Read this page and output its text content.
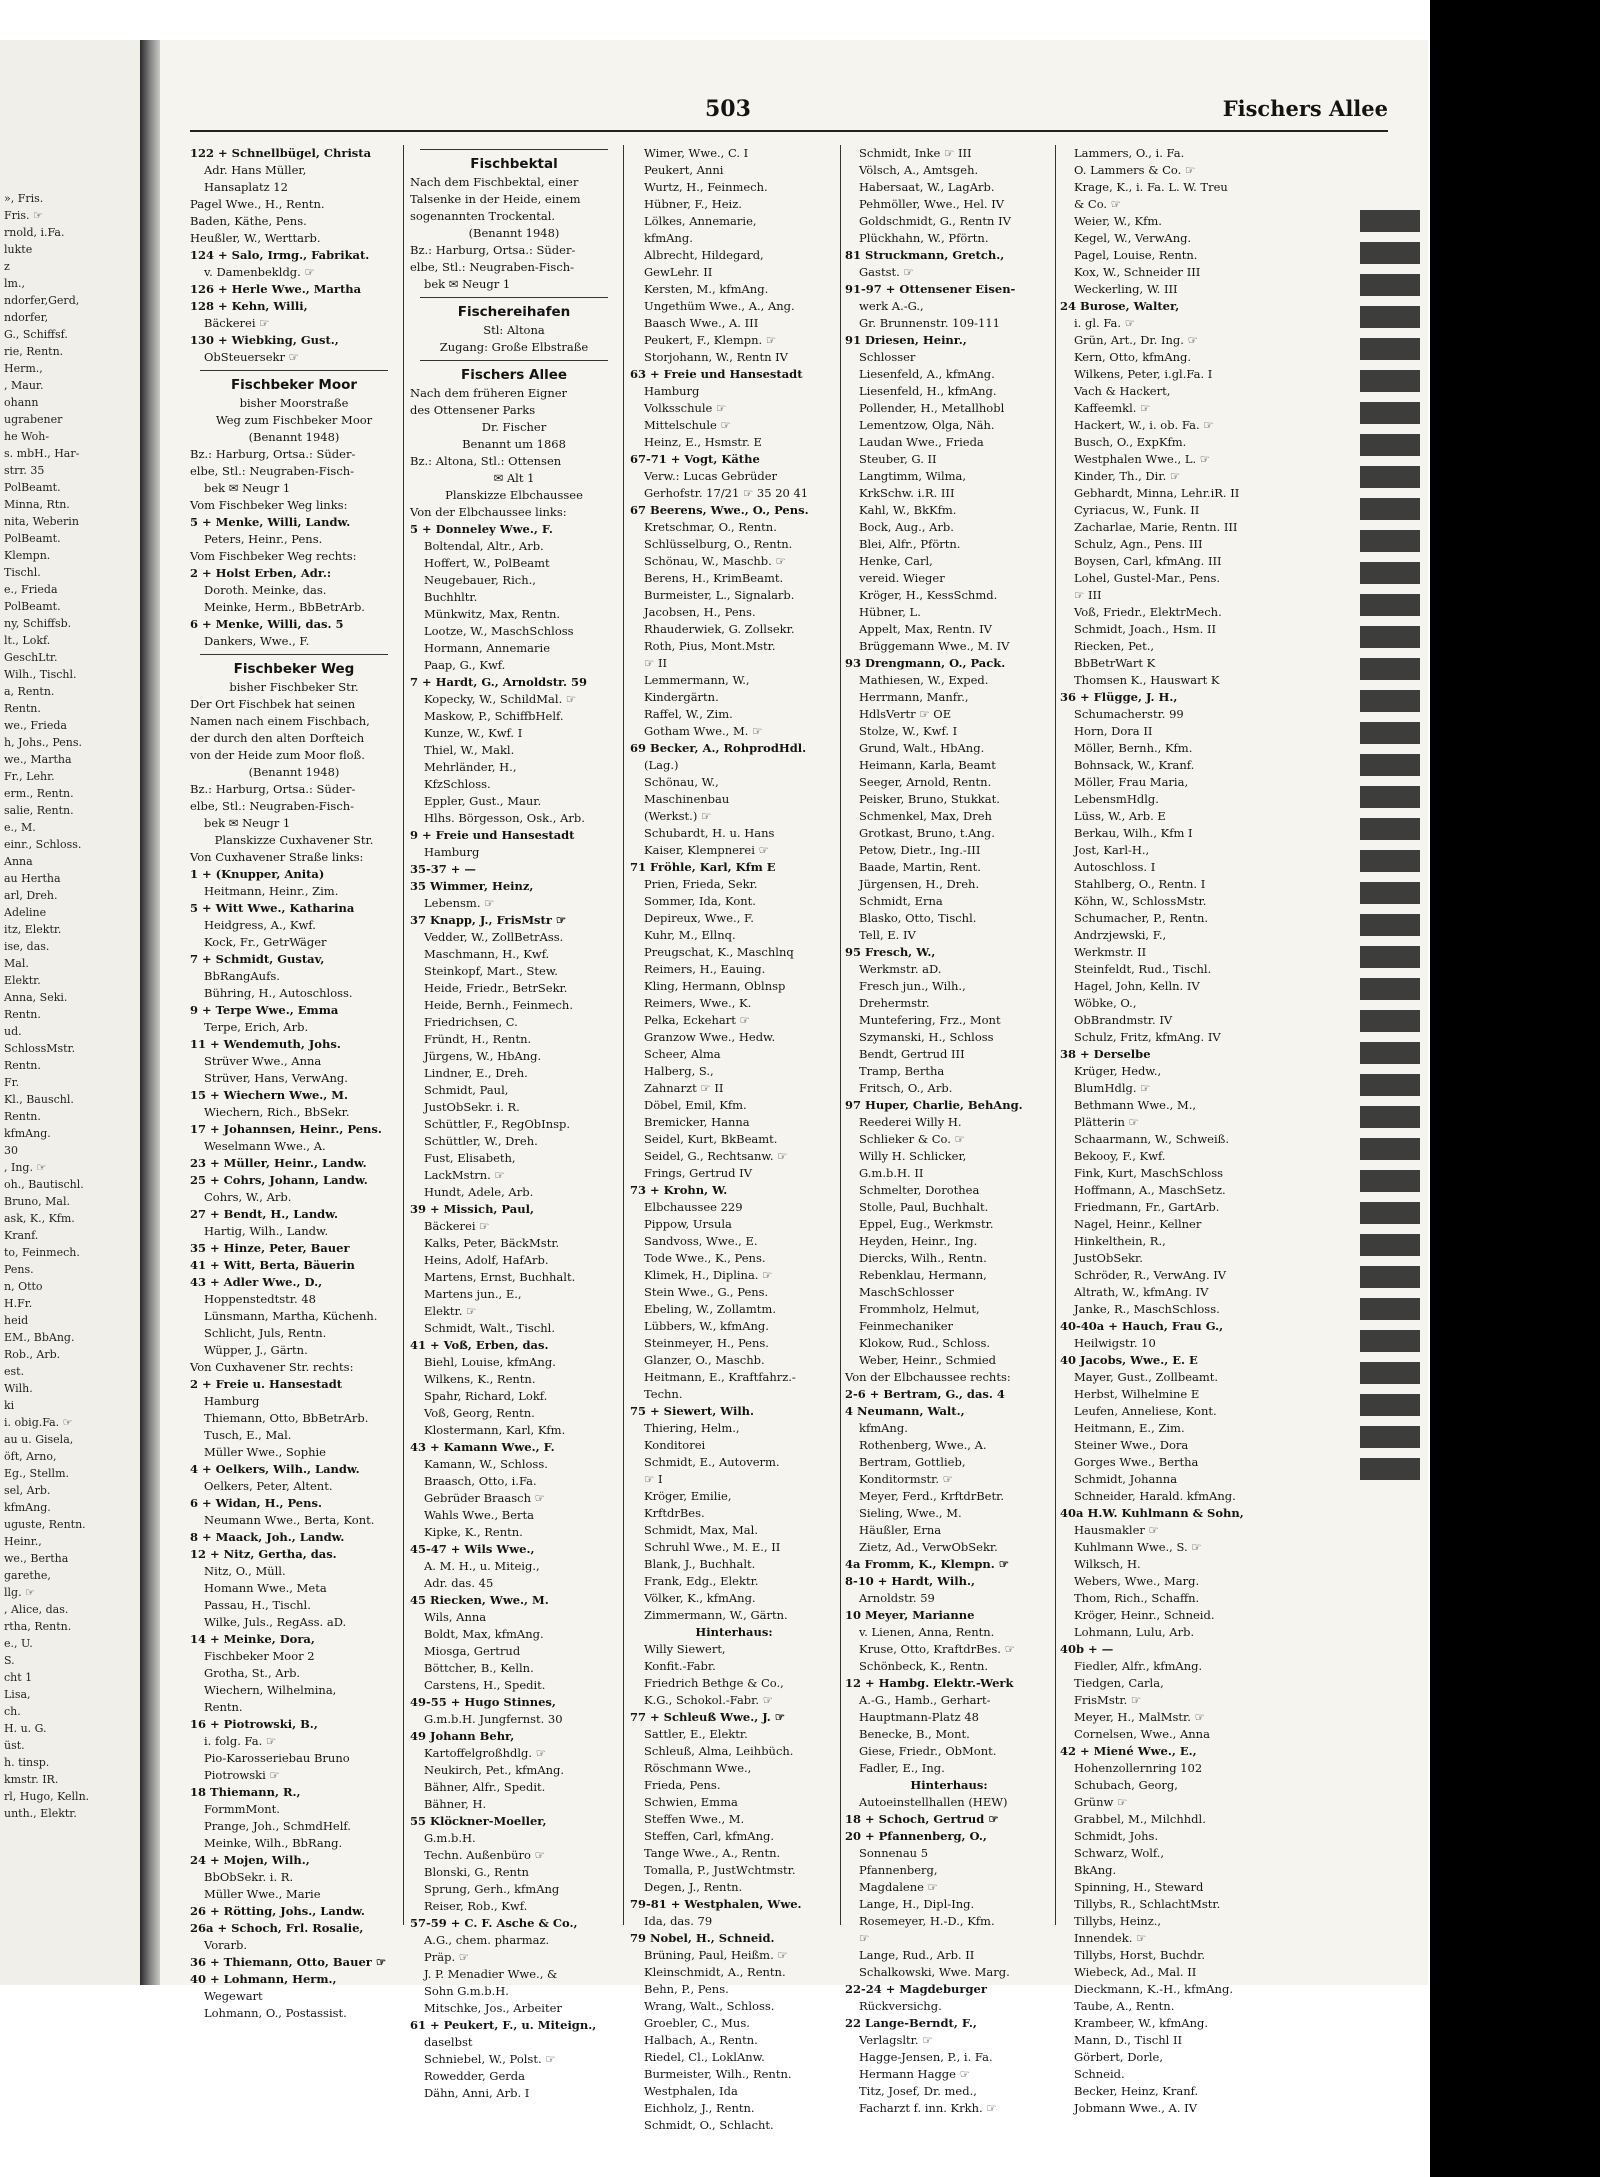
», Fris.
Fris. ☞
rnold, i.Fa.
lukte
z
lm.,
ndorfer,Gerd,
ndorfer,
G., Schiffsf.
rie, Rentn.
Herm.,
, Maur.
ohann
ugrabener
he Woh-
s. mbH., Har-
strr. 35
PolBeamt.
Minna, Rtn.
nita, Weberin
PolBeamt.
Klempn.
Tischl.
e., Frieda
PolBeamt.
ny, Schiffsb.
lt., Lokf.
GeschLtr.
Wilh., Tischl.
a, Rentn.
Rentn.
we., Frieda
h, Johs., Pens.
we., Martha
Fr., Lehr.
erm., Rentn.
salie, Rentn.
e., M.
einr., Schloss.
Anna
au Hertha
arl, Dreh.
Adeline
itz, Elektr.
ise, das.
Mal.
Elektr.
Anna, Seki.
Rentn.
ud.
SchlossMstr.
Rentn.
Fr.
Kl., Bauschl.
Rentn.
kfmAng.
30
, Ing. ☞
oh., Bautischl.
Bruno, Mal.
ask, K., Kfm.
Kranf.
to, Feinmech.
Pens.
n, Otto
H.Fr.
heid
EM., BbAng.
Rob., Arb.
est.
Wilh.
ki
i. obig.Fa. ☞
au u. Gisela,
öft, Arno,
Eg., Stellm.
sel, Arb.
kfmAng.
uguste, Rentn.
Heinr.,
we., Bertha
garethe,
llg. ☞
, Alice, das.
rtha, Rentn.
e., U.
S.
cht 1
Lisa,
ch.
H. u. G.
üst.
h. tinsp.
kmstr. IR.
rl, Hugo, Kelln.
unth., Elektr.
503	Fischers Allee
122 + Schnellbügel, Christa
Adr. Hans Müller,
Hansaplatz 12
Pagel Wwe., H., Rentn.
Baden, Käthe, Pens.
Heußler, W., Werttarb.
124 + Salo, Irmg., Fabrikat.
v. Damenbekldg. ☞
126 + Herle Wwe., Martha
128 + Kehn, Willi,
Bäckerei ☞
130 + Wiebking, Gust.,
ObSteuersekr ☞
Fischbeker Moor
bisher Moorstraße
Weg zum Fischbeker Moor
(Benannt 1948)
Bz.: Harburg, Ortsa.: Süder-
elbe, Stl.: Neugraben-Fisch-
bek ✉ Neugr 1
Vom Fischbeker Weg links:
5 + Menke, Willi, Landw.
Peters, Heinr., Pens.
Vom Fischbeker Weg rechts:
2 + Holst Erben, Adr.:
Doroth. Meinke, das.
Meinke, Herm., BbBetrArb.
6 + Menke, Willi, das. 5
Dankers, Wwe., F.
Fischbeker Weg
bisher Fischbeker Str.
Der Ort Fischbek hat seinen
Namen nach einem Fischbach,
der durch den alten Dorfteich
von der Heide zum Moor floß.
(Benannt 1948)
Bz.: Harburg, Ortsa.: Süder-
elbe, Stl.: Neugraben-Fisch-
bek ✉ Neugr 1
Planskizze Cuxhavener Str.
Von Cuxhavener Straße links:
1 + (Knupper, Anita)
Heitmann, Heinr., Zim.
5 + Witt Wwe., Katharina
Heidgress, A., Kwf.
Kock, Fr., GetrWäger
7 + Schmidt, Gustav,
BbRangAufs.
Bühring, H., Autoschloss.
9 + Terpe Wwe., Emma
Terpe, Erich, Arb.
11 + Wendemuth, Johs.
Strüver Wwe., Anna
Strüver, Hans, VerwAng.
15 + Wiechern Wwe., M.
Wiechern, Rich., BbSekr.
17 + Johannsen, Heinr., Pens.
Weselmann Wwe., A.
23 + Müller, Heinr., Landw.
25 + Cohrs, Johann, Landw.
Cohrs, W., Arb.
27 + Bendt, H., Landw.
Hartig, Wilh., Landw.
35 + Hinze, Peter, Bauer
41 + Witt, Berta, Bäuerin
43 + Adler Wwe., D.,
Hoppenstedtstr. 48
Lünsmann, Martha, Küchenh.
Schlicht, Juls, Rentn.
Wüpper, J., Gärtn.
Von Cuxhavener Str. rechts:
2 + Freie u. Hansestadt
Hamburg
Thiemann, Otto, BbBetrArb.
Tusch, E., Mal.
Müller Wwe., Sophie
4 + Oelkers, Wilh., Landw.
Oelkers, Peter, Altent.
6 + Widan, H., Pens.
Neumann Wwe., Berta, Kont.
8 + Maack, Joh., Landw.
12 + Nitz, Gertha, das.
Nitz, O., Müll.
Homann Wwe., Meta
Passau, H., Tischl.
Wilke, Juls., RegAss. aD.
14 + Meinke, Dora,
Fischbeker Moor 2
Grotha, St., Arb.
Wiechern, Wilhelmina,
Rentn.
16 + Piotrowski, B.,
i. folg. Fa. ☞
Pio-Karosseriebau Bruno
Piotrowski ☞
18 Thiemann, R.,
FormmMont.
Prange, Joh., SchmdHelf.
Meinke, Wilh., BbRang.
24 + Mojen, Wilh.,
BbObSekr. i. R.
Müller Wwe., Marie
26 + Rötting, Johs., Landw.
26a + Schoch, Frl. Rosalie,
Vorarb.
36 + Thiemann, Otto, Bauer ☞
40 + Lohmann, Herm.,
Wegewart
Lohmann, O., Postassist.
Fischbektal
Nach dem Fischbektal, einer
Talsenke in der Heide, einem
sogenannten Trockental.
(Benannt 1948)
Bz.: Harburg, Ortsa.: Süder-
elbe, Stl.: Neugraben-Fisch-
bek ✉ Neugr 1
Fischereihafen
Stl: Altona
Zugang: Große Elbstraße
Fischers Allee
Nach dem früheren Eigner
des Ottensener Parks
Dr. Fischer
Benannt um 1868
Bz.: Altona, Stl.: Ottensen
✉ Alt 1
Planskizze Elbchaussee
Von der Elbchaussee links:
5 + Donneley Wwe., F.
Boltendal, Altr., Arb.
Hoffert, W., PolBeamt
Neugebauer, Rich.,
Buchhltr.
Münkwitz, Max, Rentn.
Lootze, W., MaschSchloss
Hormann, Annemarie
Paap, G., Kwf.
7 + Hardt, G., Arnoldstr. 59
Kopecky, W., SchildMal. ☞
Maskow, P., SchiffbHelf.
Kunze, W., Kwf. I
Thiel, W., Makl.
Mehrländer, H.,
KfzSchloss.
Eppler, Gust., Maur.
Hlhs. Börgesson, Osk., Arb.
9 + Freie und Hansestadt
Hamburg
35-37 + —
35 Wimmer, Heinz,
Lebensm. ☞
37 Knapp, J., FrisMstr ☞
Vedder, W., ZollBetrAss.
Maschmann, H., Kwf.
Steinkopf, Mart., Stew.
Heide, Friedr., BetrSekr.
Heide, Bernh., Feinmech.
Friedrichsen, C.
Fründt, H., Rentn.
Jürgens, W., HbAng.
Lindner, E., Dreh.
Schmidt, Paul,
JustObSekr. i. R.
Schüttler, F., RegObInsp.
Schüttler, W., Dreh.
Fust, Elisabeth,
LackMstrn. ☞
Hundt, Adele, Arb.
39 + Missich, Paul,
Bäckerei ☞
Kalks, Peter, BäckMstr.
Heins, Adolf, HafArb.
Martens, Ernst, Buchhalt.
Martens jun., E.,
Elektr. ☞
Schmidt, Walt., Tischl.
41 + Voß, Erben, das.
Biehl, Louise, kfmAng.
Wilkens, K., Rentn.
Spahr, Richard, Lokf.
Voß, Georg, Rentn.
Klostermann, Karl, Kfm.
43 + Kamann Wwe., F.
Kamann, W., Schloss.
Braasch, Otto, i.Fa.
Gebrüder Braasch ☞
Wahls Wwe., Berta
Kipke, K., Rentn.
45-47 + Wils Wwe.,
A. M. H., u. Miteig.,
Adr. das. 45
45 Riecken, Wwe., M.
Wils, Anna
Boldt, Max, kfmAng.
Miosga, Gertrud
Böttcher, B., Kelln.
Carstens, H., Spedit.
49-55 + Hugo Stinnes,
G.m.b.H. Jungfernst. 30
49 Johann Behr,
Kartoffelgroßhdlg. ☞
Neukirch, Pet., kfmAng.
Bähner, Alfr., Spedit.
Bähner, H.
55 Klöckner-Moeller,
G.m.b.H.
Techn. Außenbüro ☞
Blonski, G., Rentn
Sprung, Gerh., kfmAng
Reiser, Rob., Kwf.
57-59 + C. F. Asche & Co.,
A.G., chem. pharmaz.
Präp. ☞
J. P. Menadier Wwe., &
Sohn G.m.b.H.
Mitschke, Jos., Arbeiter
61 + Peukert, F., u. Miteign.,
daselbst
Schniebel, W., Polst. ☞
Rowedder, Gerda
Dähn, Anni, Arb. I
Wimer, Wwe., C. I
Peukert, Anni
Wurtz, H., Feinmech.
Hübner, F., Heiz.
Lölkes, Annemarie,
kfmAng.
Albrecht, Hildegard,
GewLehr. II
Kersten, M., kfmAng.
Ungethüm Wwe., A., Ang.
Baasch Wwe., A. III
Peukert, F., Klempn. ☞
Storjohann, W., Rentn IV
63 + Freie und Hansestadt
Hamburg
Volksschule ☞
Mittelschule ☞
Heinz, E., Hsmstr. E
67-71 + Vogt, Käthe
Verw.: Lucas Gebrüder
Gerhofstr. 17/21 ☞ 35 20 41
67 Beerens, Wwe., O., Pens.
Kretschmar, O., Rentn.
Schlüsselburg, O., Rentn.
Schönau, W., Maschb. ☞
Berens, H., KrimBeamt.
Burmeister, L., Signalarb.
Jacobsen, H., Pens.
Rhauderwiek, G. Zollsekr.
Roth, Pius, Mont.Mstr.
☞ II
Lemmermann, W.,
Kindergärtn.
Raffel, W., Zim.
Gotham Wwe., M. ☞
69 Becker, A., RohprodHdl.
(Lag.)
Schönau, W.,
Maschinenbau
(Werkst.) ☞
Schubardt, H. u. Hans
Kaiser, Klempnerei ☞
71 Fröhle, Karl, Kfm E
Prien, Frieda, Sekr.
Sommer, Ida, Kont.
Depireux, Wwe., F.
Kuhr, M., Ellnq.
Preugschat, K., Maschlnq
Reimers, H., Eauing.
Kling, Hermann, Oblnsp
Reimers, Wwe., K.
Pelka, Eckehart ☞
Granzow Wwe., Hedw.
Scheer, Alma
Halberg, S.,
Zahnarzt ☞ II
Döbel, Emil, Kfm.
Bremicker, Hanna
Seidel, Kurt, BkBeamt.
Seidel, G., Rechtsanw. ☞
Frings, Gertrud IV
73 + Krohn, W.
Elbchaussee 229
Pippow, Ursula
Sandvoss, Wwe., E.
Tode Wwe., K., Pens.
Klimek, H., Diplina. ☞
Stein Wwe., G., Pens.
Ebeling, W., Zollamtm.
Lübbers, W., kfmAng.
Steinmeyer, H., Pens.
Glanzer, O., Maschb.
Heitmann, E., Kraftfahrz.-
Techn.
75 + Siewert, Wilh.
Thiering, Helm.,
Konditorei
Schmidt, E., Autoverm.
☞ I
Kröger, Emilie,
KrftdrBes.
Schmidt, Max, Mal.
Schruhl Wwe., M. E., II
Blank, J., Buchhalt.
Frank, Edg., Elektr.
Völker, K., kfmAng.
Zimmermann, W., Gärtn.
Hinterhaus:
Willy Siewert,
Konfit.-Fabr.
Friedrich Bethge & Co.,
K.G., Schokol.-Fabr. ☞
77 + Schleuß Wwe., J. ☞
Sattler, E., Elektr.
Schleuß, Alma, Leihbüch.
Röschmann Wwe.,
Frieda, Pens.
Schwien, Emma
Steffen Wwe., M.
Steffen, Carl, kfmAng.
Tange Wwe., A., Rentn.
Tomalla, P., JustWchtmstr.
Degen, J., Rentn.
79-81 + Westphalen, Wwe.
Ida, das. 79
79 Nobel, H., Schneid.
Brüning, Paul, Heißm. ☞
Kleinschmidt, A., Rentn.
Behn, P., Pens.
Wrang, Walt., Schloss.
Groebler, C., Mus.
Halbach, A., Rentn.
Riedel, Cl., LoklAnw.
Burmeister, Wilh., Rentn.
Westphalen, Ida
Eichholz, J., Rentn.
Schmidt, O., Schlacht.
Schmidt, Inke ☞ III
Völsch, A., Amtsgeh.
Habersaat, W., LagArb.
Pehmöller, Wwe., Hel. IV
Goldschmidt, G., Rentn IV
Plückhahn, W., Pförtn.
81 Struckmann, Gretch.,
Gastst. ☞
91-97 + Ottensener Eisen-
werk A.-G.,
Gr. Brunnenstr. 109-111
91 Driesen, Heinr.,
Schlosser
Liesenfeld, A., kfmAng.
Liesenfeld, H., kfmAng.
Pollender, H., Metallhobl
Lementzow, Olga, Näh.
Laudan Wwe., Frieda
Steuber, G. II
Langtimm, Wilma,
KrkSchw. i.R. III
Kahl, W., BkKfm.
Bock, Aug., Arb.
Blei, Alfr., Pförtn.
Henke, Carl,
vereid. Wieger
Kröger, H., KessSchmd.
Hübner, L.
Appelt, Max, Rentn. IV
Brüggemann Wwe., M. IV
93 Drengmann, O., Pack.
Mathiesen, W., Exped.
Herrmann, Manfr.,
HdlsVertr ☞ OE
Stolze, W., Kwf. I
Grund, Walt., HbAng.
Heimann, Karla, Beamt
Seeger, Arnold, Rentn.
Peisker, Bruno, Stukkat.
Schmenkel, Max, Dreh
Grotkast, Bruno, t.Ang.
Petow, Dietr., Ing.-III
Baade, Martin, Rent.
Jürgensen, H., Dreh.
Schmidt, Erna
Blasko, Otto, Tischl.
Tell, E. IV
95 Fresch, W.,
Werkmstr. aD.
Fresch jun., Wilh.,
Drehermstr.
Muntefering, Frz., Mont
Szymanski, H., Schloss
Bendt, Gertrud III
Tramp, Bertha
Fritsch, O., Arb.
97 Huper, Charlie, BehAng.
Reederei Willy H.
Schlieker & Co. ☞
Willy H. Schlicker,
G.m.b.H. II
Schmelter, Dorothea
Stolle, Paul, Buchhalt.
Eppel, Eug., Werkmstr.
Heyden, Heinr., Ing.
Diercks, Wilh., Rentn.
Rebenklau, Hermann,
MaschSchlosser
Frommholz, Helmut,
Feinmechaniker
Klokow, Rud., Schloss.
Weber, Heinr., Schmied
Von der Elbchaussee rechts:
2-6 + Bertram, G., das. 4
4 Neumann, Walt.,
kfmAng.
Rothenberg, Wwe., A.
Bertram, Gottlieb,
Konditormstr. ☞
Meyer, Ferd., KrftdrBetr.
Sieling, Wwe., M.
Häußler, Erna
Zietz, Ad., VerwObSekr.
4a Fromm, K., Klempn. ☞
8-10 + Hardt, Wilh.,
Arnoldstr. 59
10 Meyer, Marianne
v. Lienen, Anna, Rentn.
Kruse, Otto, KraftdrBes. ☞
Schönbeck, K., Rentn.
12 + Hambg. Elektr.-Werk
A.-G., Hamb., Gerhart-
Hauptmann-Platz 48
Benecke, B., Mont.
Giese, Friedr., ObMont.
Fadler, E., Ing.
Hinterhaus:
Autoeinstellhallen (HEW)
18 + Schoch, Gertrud ☞
20 + Pfannenberg, O.,
Sonnenau 5
Pfannenberg,
Magdalene ☞
Lange, H., Dipl-Ing.
Rosemeyer, H.-D., Kfm.
☞
Lange, Rud., Arb. II
Schalkowski, Wwe. Marg.
22-24 + Magdeburger
Rückversichg.
22 Lange-Berndt, F.,
Verlagsltr. ☞
Hagge-Jensen, P., i. Fa.
Hermann Hagge ☞
Titz, Josef, Dr. med.,
Facharzt f. inn. Krkh. ☞
Lammers, O., i. Fa.
O. Lammers & Co. ☞
Krage, K., i. Fa. L. W. Treu
& Co. ☞
Weier, W., Kfm.
Kegel, W., VerwAng.
Pagel, Louise, Rentn.
Kox, W., Schneider III
Weckerling, W. III
24 Burose, Walter,
i. gl. Fa. ☞
Grün, Art., Dr. Ing. ☞
Kern, Otto, kfmAng.
Wilkens, Peter, i.gl.Fa. I
Vach & Hackert,
Kaffeemkl. ☞
Hackert, W., i. ob. Fa. ☞
Busch, O., ExpKfm.
Westphalen Wwe., L. ☞
Kinder, Th., Dir. ☞
Gebhardt, Minna, Lehr.iR. II
Cyriacus, W., Funk. II
Zacharlae, Marie, Rentn. III
Schulz, Agn., Pens. III
Boysen, Carl, kfmAng. III
Lohel, Gustel-Mar., Pens.
☞ III
Voß, Friedr., ElektrMech.
Schmidt, Joach., Hsm. II
Riecken, Pet.,
BbBetrWart K
Thomsen K., Hauswart K
36 + Flügge, J. H.,
Schumacherstr. 99
Horn, Dora II
Möller, Bernh., Kfm.
Bohnsack, W., Kranf.
Möller, Frau Maria,
LebensmHdlg.
Lüss, W., Arb. E
Berkau, Wilh., Kfm I
Jost, Karl-H.,
Autoschloss. I
Stahlberg, O., Rentn. I
Köhn, W., SchlossMstr.
Schumacher, P., Rentn.
Andrzjewski, F.,
Werkmstr. II
Steinfeldt, Rud., Tischl.
Hagel, John, Kelln. IV
Wöbke, O.,
ObBrandmstr. IV
Schulz, Fritz, kfmAng. IV
38 + Derselbe
Krüger, Hedw.,
BlumHdlg. ☞
Bethmann Wwe., M.,
Plätterin ☞
Schaarmann, W., Schweiß.
Bekooy, F., Kwf.
Fink, Kurt, MaschSchloss
Hoffmann, A., MaschSetz.
Friedmann, Fr., GartArb.
Nagel, Heinr., Kellner
Hinkelthein, R.,
JustObSekr.
Schröder, R., VerwAng. IV
Altrath, W., kfmAng. IV
Janke, R., MaschSchloss.
40-40a + Hauch, Frau G.,
Heilwigstr. 10
40 Jacobs, Wwe., E. E
Mayer, Gust., Zollbeamt.
Herbst, Wilhelmine E
Leufen, Anneliese, Kont.
Heitmann, E., Zim.
Steiner Wwe., Dora
Gorges Wwe., Bertha
Schmidt, Johanna
Schneider, Harald. kfmAng.
40a H.W. Kuhlmann & Sohn,
Hausmakler ☞
Kuhlmann Wwe., S. ☞
Wilksch, H.
Webers, Wwe., Marg.
Thom, Rich., Schaffn.
Kröger, Heinr., Schneid.
Lohmann, Lulu, Arb.
40b + —
Fiedler, Alfr., kfmAng.
Tiedgen, Carla,
FrisMstr. ☞
Meyer, H., MalMstr. ☞
Cornelsen, Wwe., Anna
42 + Miené Wwe., E.,
Hohenzollernring 102
Schubach, Georg,
Grünw ☞
Grabbel, M., Milchhdl.
Schmidt, Johs.
Schwarz, Wolf.,
BkAng.
Spinning, H., Steward
Tillybs, R., SchlachtMstr.
Tillybs, Heinz.,
Innendek. ☞
Tillybs, Horst, Buchdr.
Wiebeck, Ad., Mal. II
Dieckmann, K.-H., kfmAng.
Taube, A., Rentn.
Krambeer, W., kfmAng.
Mann, D., Tischl II
Görbert, Dorle,
Schneid.
Becker, Heinz, Kranf.
Jobmann Wwe., A. IV
